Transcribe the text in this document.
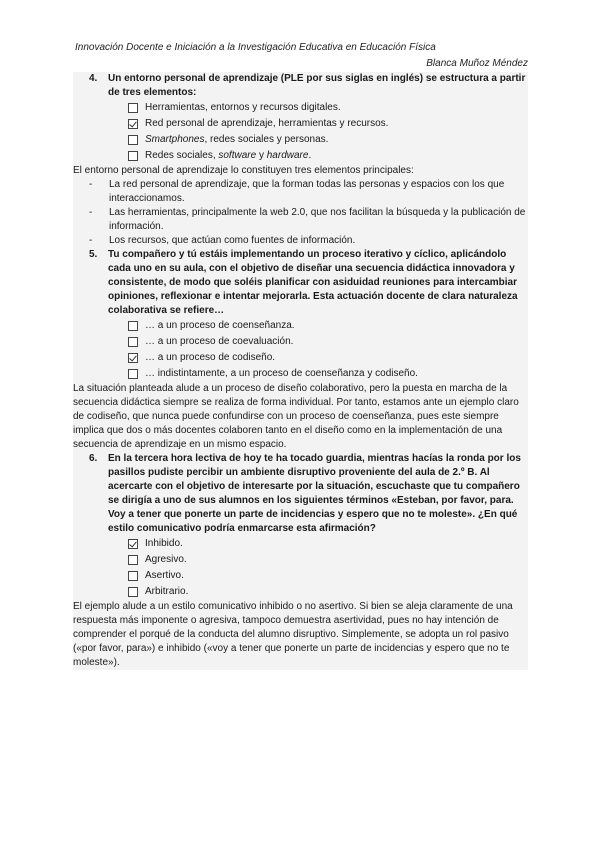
Innovación Docente e Iniciación a la Investigación Educativa en Educación Física
Blanca Muñoz Méndez
4.	Un entorno personal de aprendizaje (PLE por sus siglas en inglés) se estructura a partir de tres elementos:
Herramientas, entornos y recursos digitales.
Red personal de aprendizaje, herramientas y recursos.
Smartphones, redes sociales y personas.
Redes sociales, software y hardware.
El entorno personal de aprendizaje lo constituyen tres elementos principales:
-	La red personal de aprendizaje, que la forman todas las personas y espacios con los que interaccionamos.
-	Las herramientas, principalmente la web 2.0, que nos facilitan la búsqueda y la publicación de información.
-	Los recursos, que actúan como fuentes de información.
5.	Tu compañero y tú estáis implementando un proceso iterativo y cíclico, aplicándolo cada uno en su aula, con el objetivo de diseñar una secuencia didáctica innovadora y consistente, de modo que soléis planificar con asiduidad reuniones para intercambiar opiniones, reflexionar e intentar mejorarla. Esta actuación docente de clara naturaleza colaborativa se refiere…
… a un proceso de coenseñanza.
… a un proceso de coevaluación.
… a un proceso de codiseño.
… indistintamente, a un proceso de coenseñanza y codiseño.
La situación planteada alude a un proceso de diseño colaborativo, pero la puesta en marcha de la secuencia didáctica siempre se realiza de forma individual. Por tanto, estamos ante un ejemplo claro de codiseño, que nunca puede confundirse con un proceso de coenseñanza, pues este siempre implica que dos o más docentes colaboren tanto en el diseño como en la implementación de una secuencia de aprendizaje en un mismo espacio.
6.	En la tercera hora lectiva de hoy te ha tocado guardia, mientras hacías la ronda por los pasillos pudiste percibir un ambiente disruptivo proveniente del aula de 2.º B. Al acercarte con el objetivo de interesarte por la situación, escuchaste que tu compañero se dirigía a uno de sus alumnos en los siguientes términos «Esteban, por favor, para. Voy a tener que ponerte un parte de incidencias y espero que no te moleste». ¿En qué estilo comunicativo podría enmarcarse esta afirmación?
Inhibido.
Agresivo.
Asertivo.
Arbitrario.
El ejemplo alude a un estilo comunicativo inhibido o no asertivo. Si bien se aleja claramente de una respuesta más imponente o agresiva, tampoco demuestra asertividad, pues no hay intención de comprender el porqué de la conducta del alumno disruptivo. Simplemente, se adopta un rol pasivo («por favor, para») e inhibido («voy a tener que ponerte un parte de incidencias y espero que no te moleste»).
